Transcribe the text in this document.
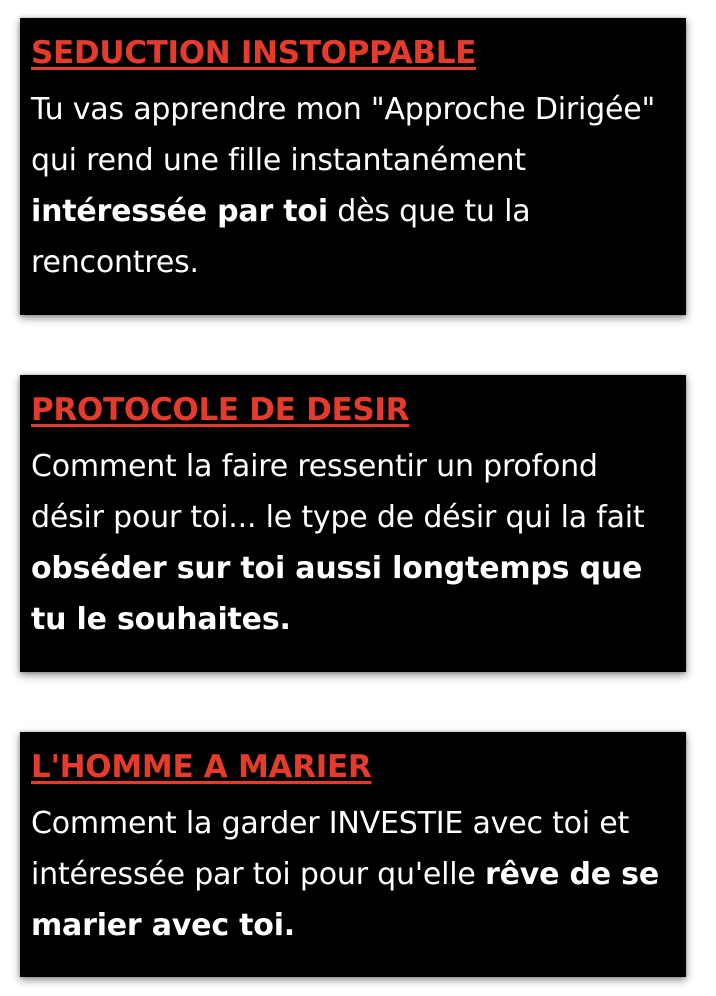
SEDUCTION INSTOPPABLE

Tu vas apprendre mon "Approche Dirigée" qui rend une fille instantanément intéressée par toi dès que tu la rencontres.

PROTOCOLE DE DESIR

Comment la faire ressentir un profond désir pour toi... le type de désir qui la fait obséder sur toi aussi longtemps que tu le souhaites.

L'HOMME A MARIER

Comment la garder INVESTIE avec toi et intéressée par toi pour qu'elle rêve de se marier avec toi.
